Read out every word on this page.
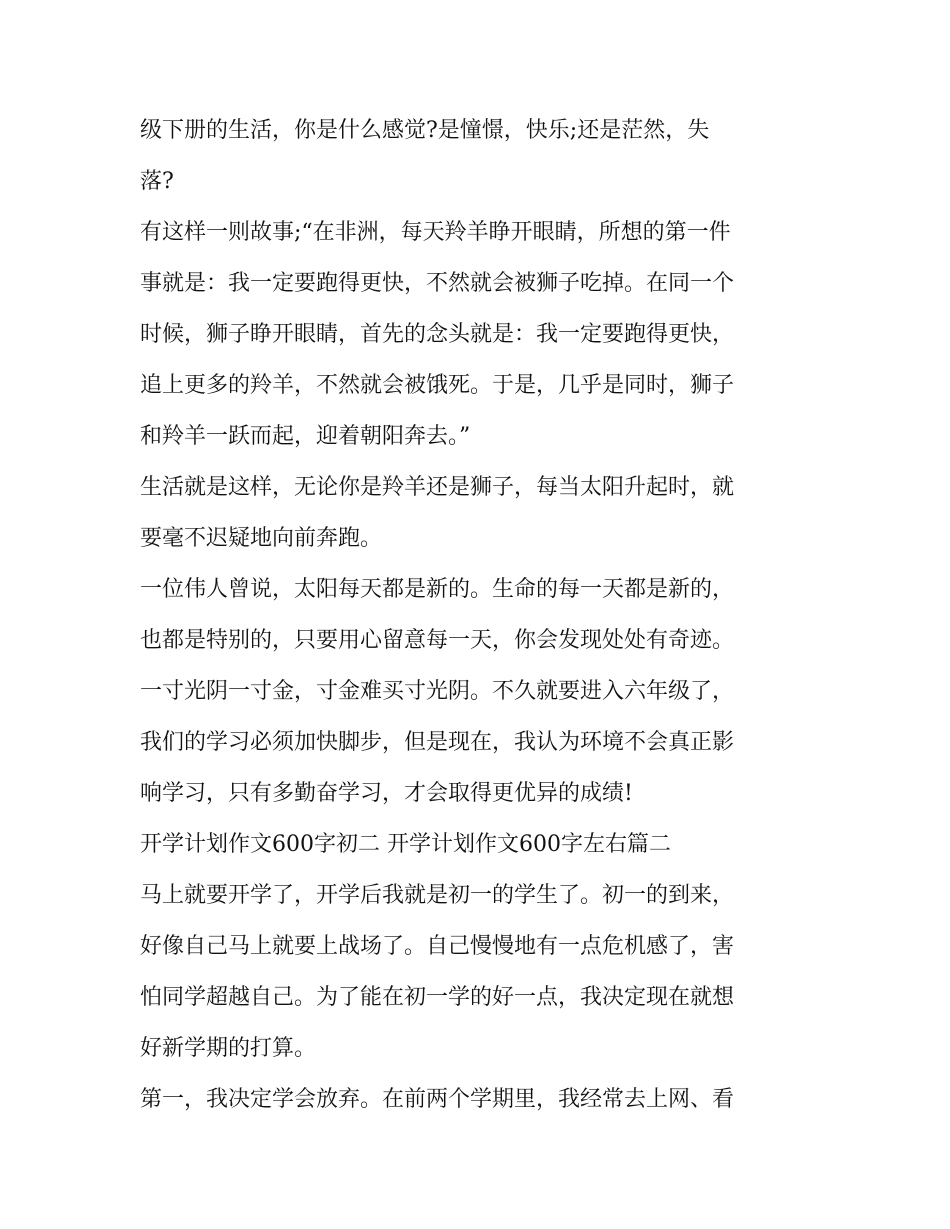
级下册的生活，你是什么感觉?是憧憬，快乐;还是茫然，失
落?
有这样一则故事;“在非洲，每天羚羊睁开眼睛，所想的第一件
事就是：我一定要跑得更快，不然就会被狮子吃掉。在同一个
时候，狮子睁开眼睛，首先的念头就是：我一定要跑得更快，
追上更多的羚羊，不然就会被饿死。于是，几乎是同时，狮子
和羚羊一跃而起，迎着朝阳奔去。”
生活就是这样，无论你是羚羊还是狮子，每当太阳升起时，就
要毫不迟疑地向前奔跑。
一位伟人曾说，太阳每天都是新的。生命的每一天都是新的，
也都是特别的，只要用心留意每一天，你会发现处处有奇迹。
一寸光阴一寸金，寸金难买寸光阴。不久就要进入六年级了，
我们的学习必须加快脚步，但是现在，我认为环境不会真正影
响学习，只有多勤奋学习，才会取得更优异的成绩!
开学计划作文600字初二 开学计划作文600字左右篇二
马上就要开学了，开学后我就是初一的学生了。初一的到来，
好像自己马上就要上战场了。自己慢慢地有一点危机感了，害
怕同学超越自己。为了能在初一学的好一点，我决定现在就想
好新学期的打算。
第一，我决定学会放弃。在前两个学期里，我经常去上网、看
